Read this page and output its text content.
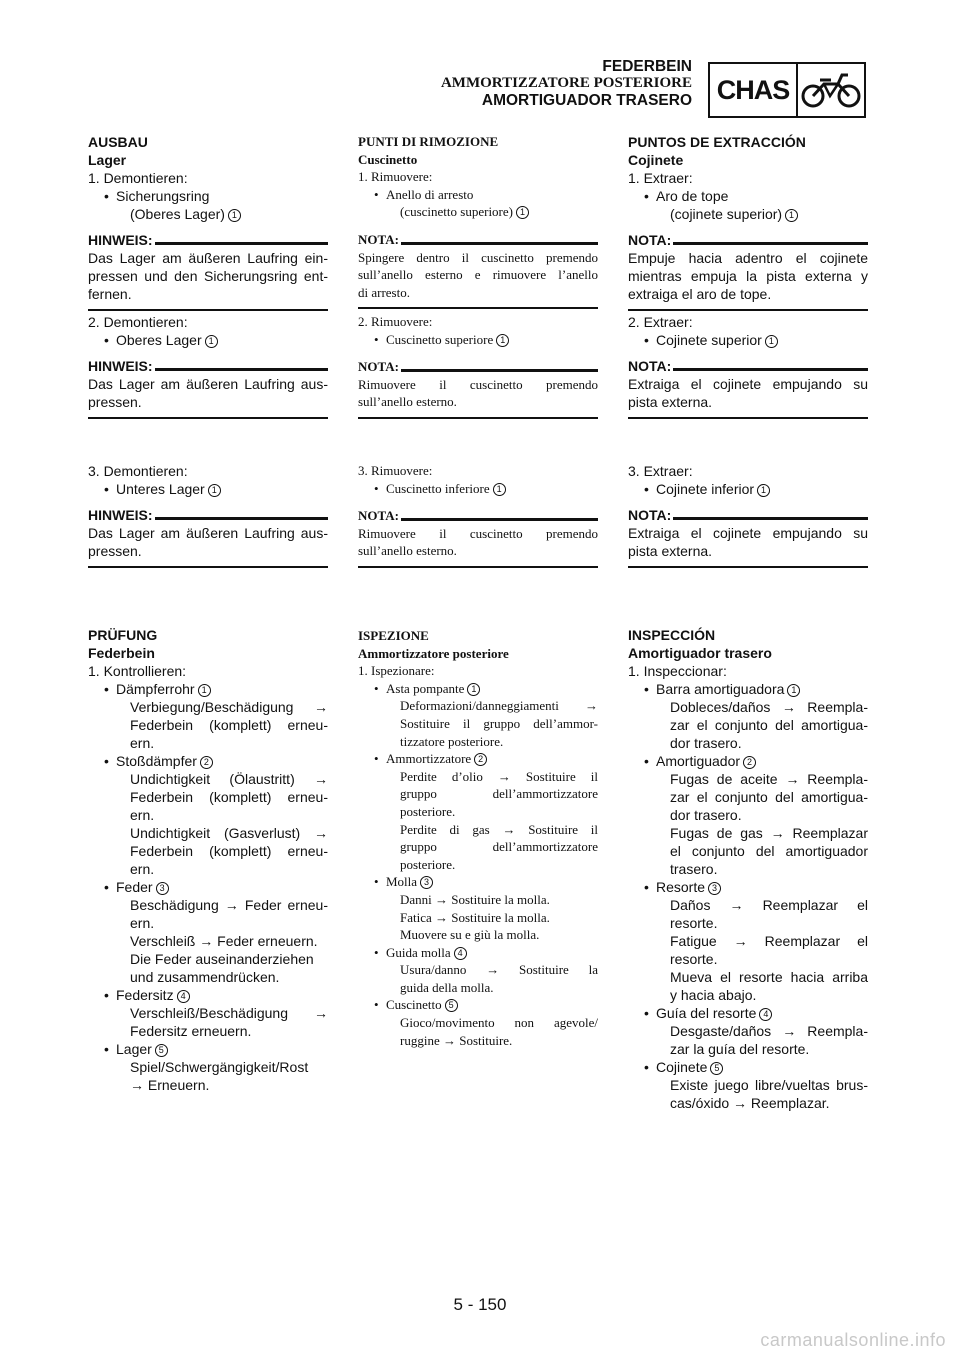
FEDERBEIN
AMMORTIZZATORE POSTERIORE
AMORTIGUADOR TRASERO CHAS
AUSBAU
Lager
1. Demontieren:
• Sicherungsring
(Oberes Lager) 1
HINWEIS:
Das Lager am äußeren Laufring ein-
pressen und den Sicherungsring ent-
fernen.
2. Demontieren:
• Oberes Lager 1
HINWEIS:
Das Lager am äußeren Laufring aus-
pressen.
3. Demontieren:
• Unteres Lager 1
HINWEIS:
Das Lager am äußeren Laufring aus-
pressen.
PRÜFUNG
Federbein
1. Kontrollieren:
• Dämpferrohr 1
Verbiegung/Beschädigung →
Federbein (komplett) erneu-
ern.
• Stoßdämpfer 2
Undichtigkeit (Ölaustritt) →
Federbein (komplett) erneu-
ern.
Undichtigkeit (Gasverlust) →
Federbein (komplett) erneu-
ern.
• Feder 3
Beschädigung → Feder erneu-
ern.
Verschleiß → Feder erneuern.
Die Feder auseinanderziehen
und zusammendrücken.
• Federsitz 4
Verschleiß/Beschädigung →
Federsitz erneuern.
• Lager 5
Spiel/Schwergängigkeit/Rost
→ Erneuern.
PUNTI DI RIMOZIONE
Cuscinetto
1. Rimuovere:
• Anello di arresto
(cuscinetto superiore) 1
NOTA:
Spingere dentro il cuscinetto premendo
sull’anello esterno e rimuovere l’anello
di arresto.
2. Rimuovere:
• Cuscinetto superiore 1
NOTA:
Rimuovere il cuscinetto premendo
sull’anello esterno.
3. Rimuovere:
• Cuscinetto inferiore 1
NOTA:
Rimuovere il cuscinetto premendo
sull’anello esterno.
ISPEZIONE
Ammortizzatore posteriore
1. Ispezionare:
• Asta pompante 1
Deformazioni/danneggiamenti →
Sostituire il gruppo dell’ammor-
tizzatore posteriore.
• Ammortizzatore 2
Perdite d’olio → Sostituire il
gruppo dell’ammortizzatore
posteriore.
Perdite di gas → Sostituire il
gruppo dell’ammortizzatore
posteriore.
• Molla 3
Danni → Sostituire la molla.
Fatica → Sostituire la molla.
Muovere su e giù la molla.
• Guida molla 4
Usura/danno → Sostituire la
guida della molla.
• Cuscinetto 5
Gioco/movimento non agevole/
ruggine → Sostituire.
PUNTOS DE EXTRACCIÓN
Cojinete
1. Extraer:
• Aro de tope
(cojinete superior) 1
NOTA:
Empuje hacia adentro el cojinete
mientras empuja la pista externa y
extraiga el aro de tope.
2. Extraer:
• Cojinete superior 1
NOTA:
Extraiga el cojinete empujando su
pista externa.
3. Extraer:
• Cojinete inferior 1
NOTA:
Extraiga el cojinete empujando su
pista externa.
INSPECCIÓN
Amortiguador trasero
1. Inspeccionar:
• Barra amortiguadora 1
Dobleces/daños → Reempla-
zar el conjunto del amortigua-
dor trasero.
• Amortiguador 2
Fugas de aceite → Reempla-
zar el conjunto del amortigua-
dor trasero.
Fugas de gas → Reemplazar
el conjunto del amortiguador
trasero.
• Resorte 3
Daños → Reemplazar el
resorte.
Fatigue → Reemplazar el
resorte.
Mueva el resorte hacia arriba
y hacia abajo.
• Guía del resorte 4
Desgaste/daños → Reempla-
zar la guía del resorte.
• Cojinete 5
Existe juego libre/vueltas brus-
cas/óxido → Reemplazar.
5 - 150
carmanualsonline.info
